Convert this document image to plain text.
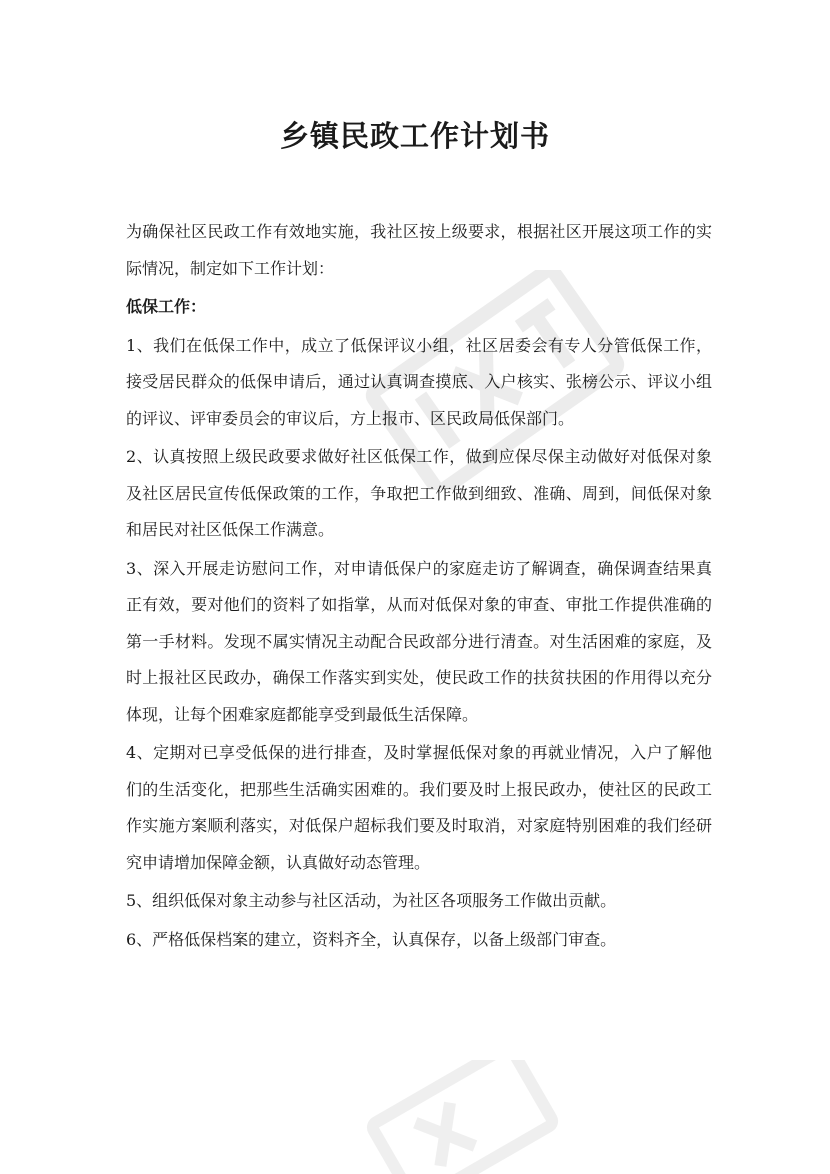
乡镇民政工作计划书

为确保社区民政工作有效地实施，我社区按上级要求，根据社区开展这项工作的实际情况，制定如下工作计划：

低保工作：

1、我们在低保工作中，成立了低保评议小组，社区居委会有专人分管低保工作，接受居民群众的低保申请后，通过认真调查摸底、入户核实、张榜公示、评议小组的评议、评审委员会的审议后，方上报市、区民政局低保部门。

2、认真按照上级民政要求做好社区低保工作，做到应保尽保主动做好对低保对象及社区居民宣传低保政策的工作，争取把工作做到细致、准确、周到，间低保对象和居民对社区低保工作满意。

3、深入开展走访慰问工作，对申请低保户的家庭走访了解调查，确保调查结果真正有效，要对他们的资料了如指掌，从而对低保对象的审查、审批工作提供准确的第一手材料。发现不属实情况主动配合民政部分进行清查。对生活困难的家庭，及时上报社区民政办，确保工作落实到实处，使民政工作的扶贫扶困的作用得以充分体现，让每个困难家庭都能享受到最低生活保障。

4、定期对已享受低保的进行排查，及时掌握低保对象的再就业情况，入户了解他们的生活变化，把那些生活确实困难的。我们要及时上报民政办，使社区的民政工作实施方案顺利落实，对低保户超标我们要及时取消，对家庭特别困难的我们经研究申请增加保障金额，认真做好动态管理。

5、组织低保对象主动参与社区活动，为社区各项服务工作做出贡献。

6、严格低保档案的建立，资料齐全，认真保存，以备上级部门审查。
